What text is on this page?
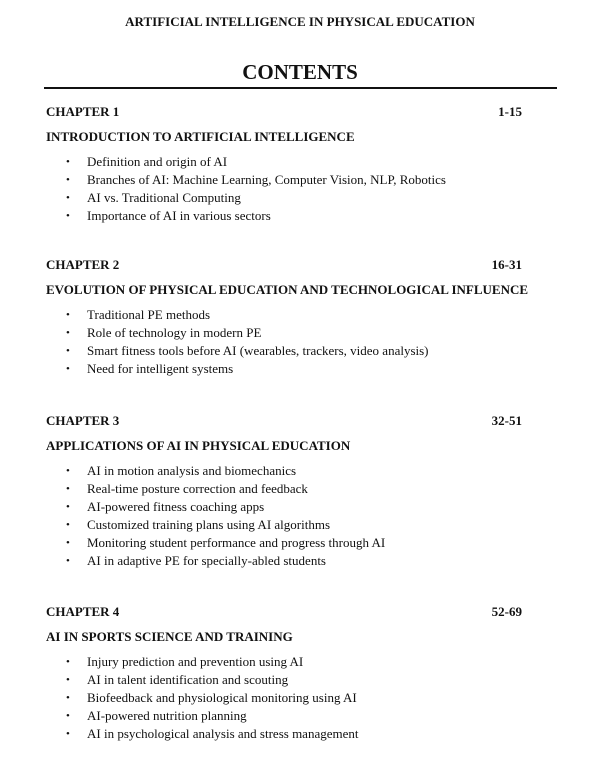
ARTIFICIAL INTELLIGENCE IN PHYSICAL EDUCATION
CONTENTS
CHAPTER 1	1-15
INTRODUCTION TO ARTIFICIAL INTELLIGENCE
• Definition and origin of AI
• Branches of AI: Machine Learning, Computer Vision, NLP, Robotics
• AI vs. Traditional Computing
• Importance of AI in various sectors
CHAPTER 2	16-31
EVOLUTION OF PHYSICAL EDUCATION AND TECHNOLOGICAL INFLUENCE
• Traditional PE methods
• Role of technology in modern PE
• Smart fitness tools before AI (wearables, trackers, video analysis)
• Need for intelligent systems
CHAPTER 3	32-51
APPLICATIONS OF AI IN PHYSICAL EDUCATION
• AI in motion analysis and biomechanics
• Real-time posture correction and feedback
• AI-powered fitness coaching apps
• Customized training plans using AI algorithms
• Monitoring student performance and progress through AI
• AI in adaptive PE for specially-abled students
CHAPTER 4	52-69
AI IN SPORTS SCIENCE AND TRAINING
• Injury prediction and prevention using AI
• AI in talent identification and scouting
• Biofeedback and physiological monitoring using AI
• AI-powered nutrition planning
• AI in psychological analysis and stress management
